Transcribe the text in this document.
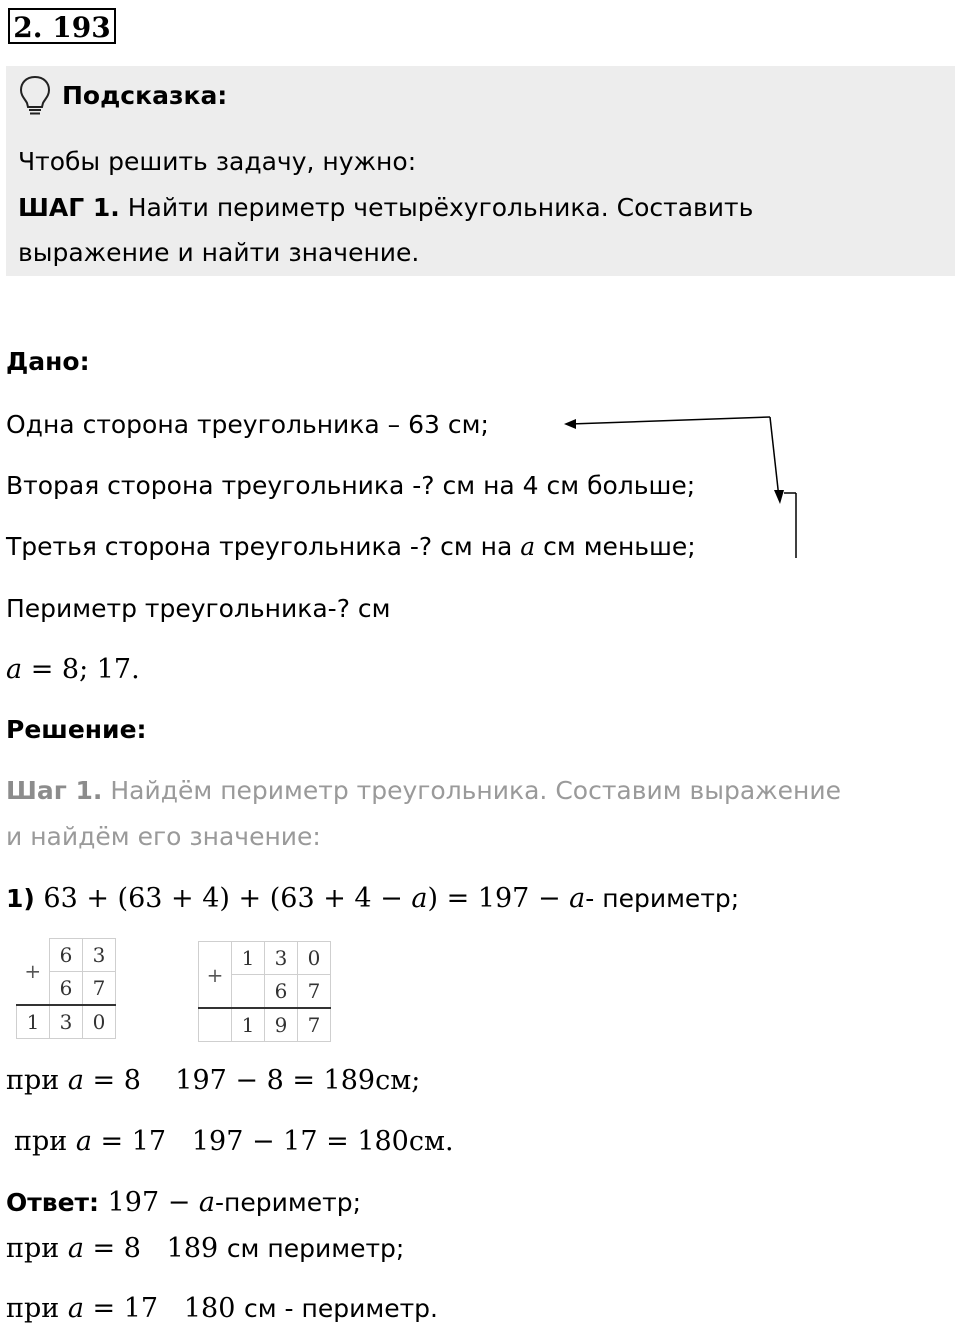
2. 193
Подсказка:
Чтобы решить задачу, нужно:
ШАГ 1. Найти периметр четырёхугольника. Составить
выражение и найти значение.
Дано:
Одна сторона треугольника – 63 см;
Вторая сторона треугольника -? см на 4 см больше;
Третья сторона треугольника -? см на a см меньше;
Периметр треугольника-? см
a = 8; 17.
Решение:
Шаг 1. Найдём периметр треугольника. Составим выражение
и найдём его значение:
1) 63 + (63 + 4) + (63 + 4 − a) = 197 − a- периметр;
+	6	3
	6	7
1	3	0
+	1	3	0
		6	7
	1	9	7
при a = 8    197 − 8 = 189см;
при a = 17   197 − 17 = 180см.
Ответ: 197 − a-периметр;
при a = 8   189 см периметр;
при a = 17   180 см - периметр.
